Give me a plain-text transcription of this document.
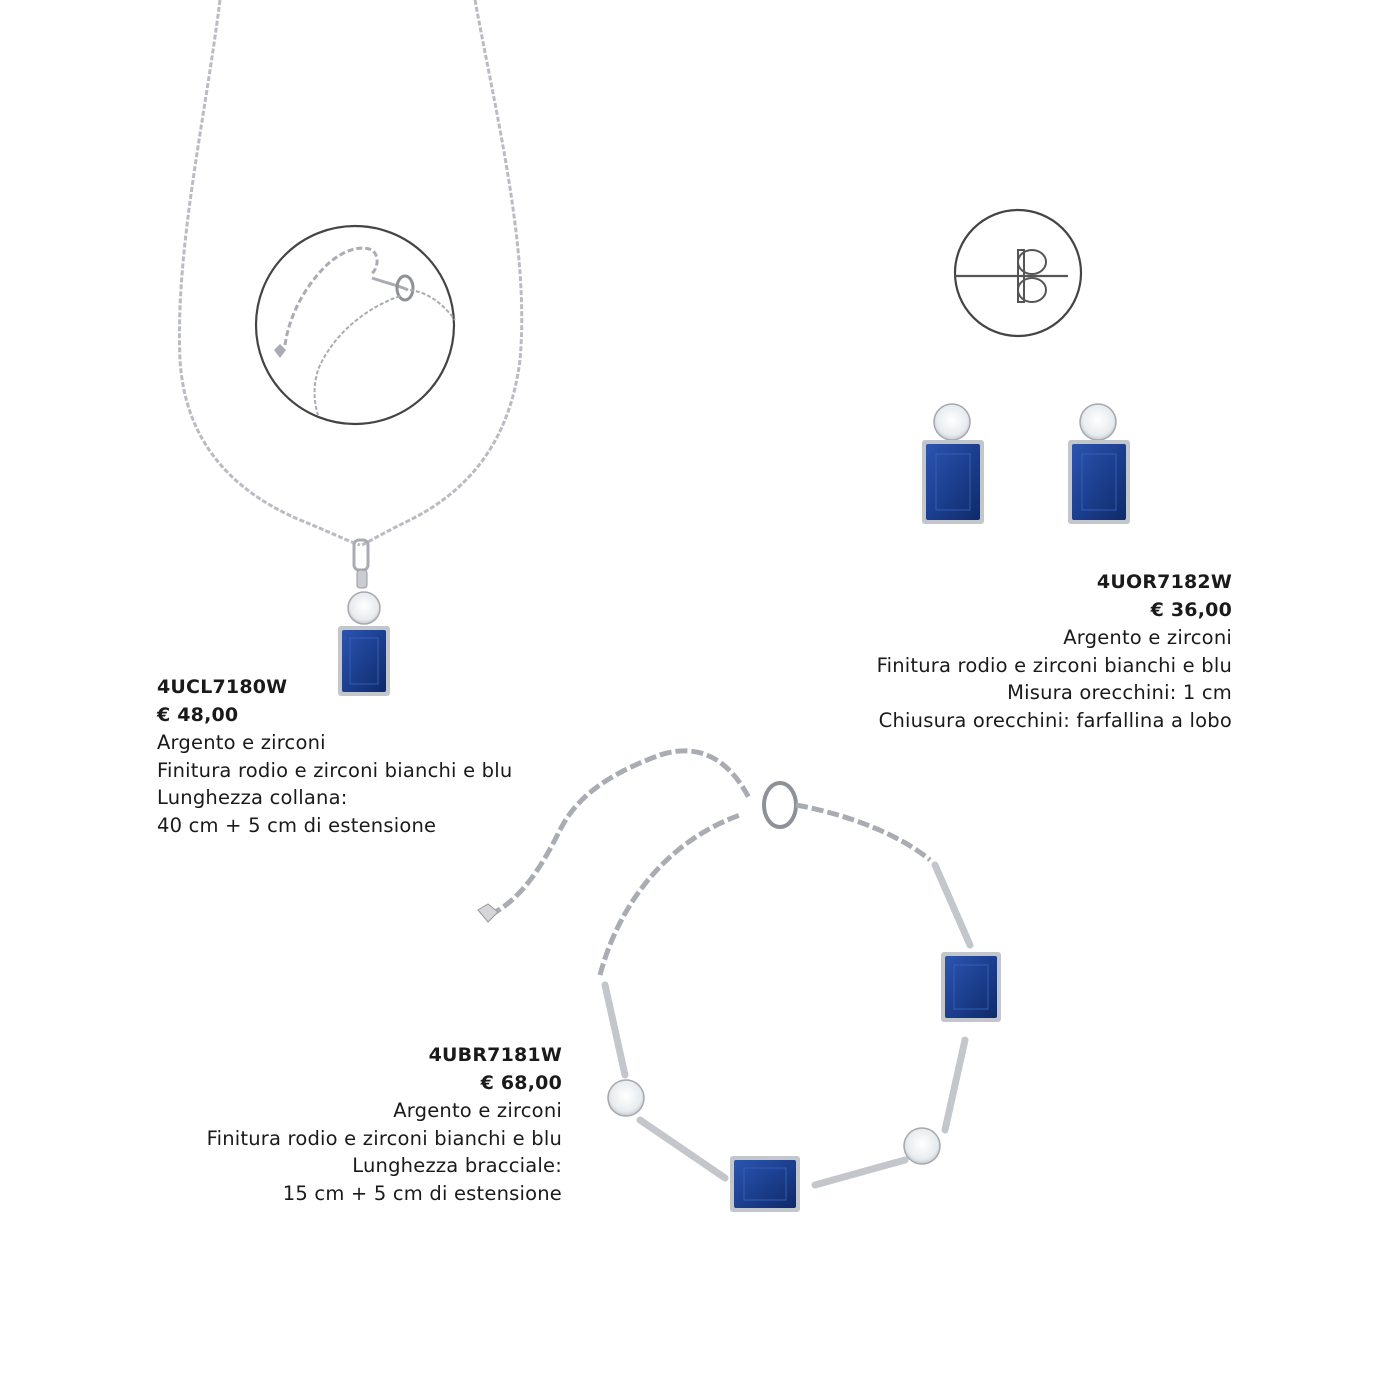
4UCL7180W
€ 48,00
Argento e zirconi
Finitura rodio e zirconi bianchi e blu
Lunghezza collana:
40 cm + 5 cm di estensione
4UOR7182W
€ 36,00
Argento e zirconi
Finitura rodio e zirconi bianchi e blu
Misura orecchini: 1 cm
Chiusura orecchini: farfallina a lobo
4UBR7181W
€ 68,00
Argento e zirconi
Finitura rodio e zirconi bianchi e blu
Lunghezza bracciale:
15 cm + 5 cm di estensione
